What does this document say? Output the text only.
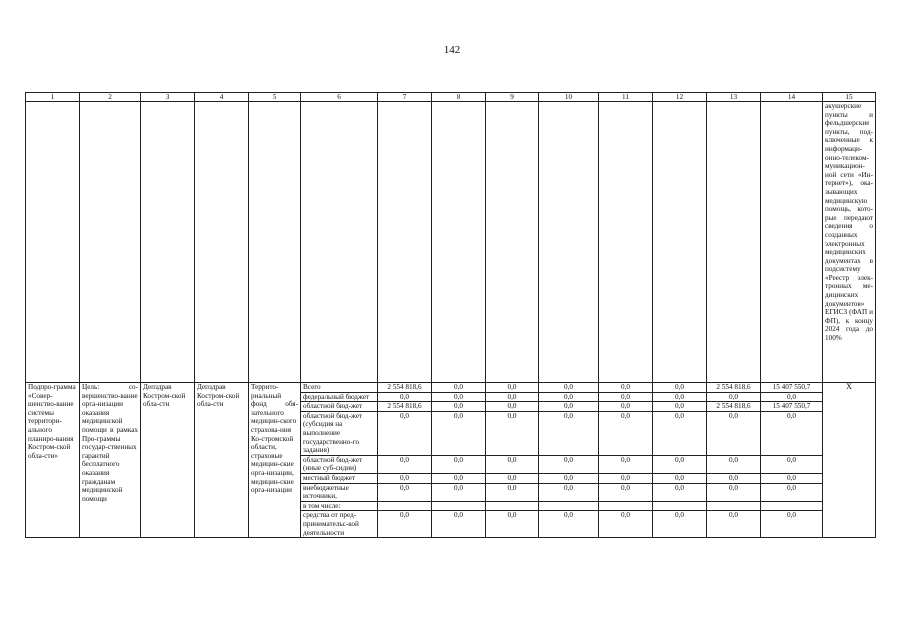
142
1	2	3	4	5	6	7	8	9	10	11	12	13	14	15
														акушерские пункты и фельдшерские пункты, под-ключенные к информаци-онно-телеком-муникацион-ной сети «Ин-тернет»), ока-зывающих медицинскую помощь, кото-рые передают сведения о созданных электронных медицинских документах в подсистему «Реестр элек-тронных ме-дицинских документов» ЕГИСЗ (ФАП и ФП), к концу 2024 года до 100%
Подпро-грамма «Совер-шенство-вание системы территори-ального планиро-вания Костром-ской обла-сти»	Цель: со-вершенство-вание орга-низации оказания медицинской помощи в рамках Про-граммы государ-ственных гарантий бесплатного оказания гражданам медицинской помощи	Депздрав Костром-ской обла-сти	Депздрав Костром-ской обла-сти	Террито-риальный фонд обя-зательного медицин-ского страхова-ния Ко-стромской области, страховые медицин-ские орга-низации, медицин-ские орга-низации	Всего	2 554 818,6	0,0	0,0	0,0	0,0	0,0	2 554 818,6	15 407 550,7	X
					федеральный бюджет	0,0	0,0	0,0	0,0	0,0	0,0	0,0	0,0	
					областной бюд-жет	2 554 818,6	0,0	0,0	0,0	0,0	0,0	2 554 818,6	15 407 550,7	
					областной бюд-жет (субсидия на выполнение государственно-го задания)	0,0	0,0	0,0	0,0	0,0	0,0	0,0	0,0	
					областной бюд-жет (иные суб-сидии)	0,0	0,0	0,0	0,0	0,0	0,0	0,0	0,0	
					местный бюджет	0,0	0,0	0,0	0,0	0,0	0,0	0,0	0,0	
					внебюджетные источники,	0,0	0,0	0,0	0,0	0,0	0,0	0,0	0,0	
					в том числе:									
					средства от пред-принимательс-кой деятельности	0,0	0,0	0,0	0,0	0,0	0,0	0,0	0,0	
